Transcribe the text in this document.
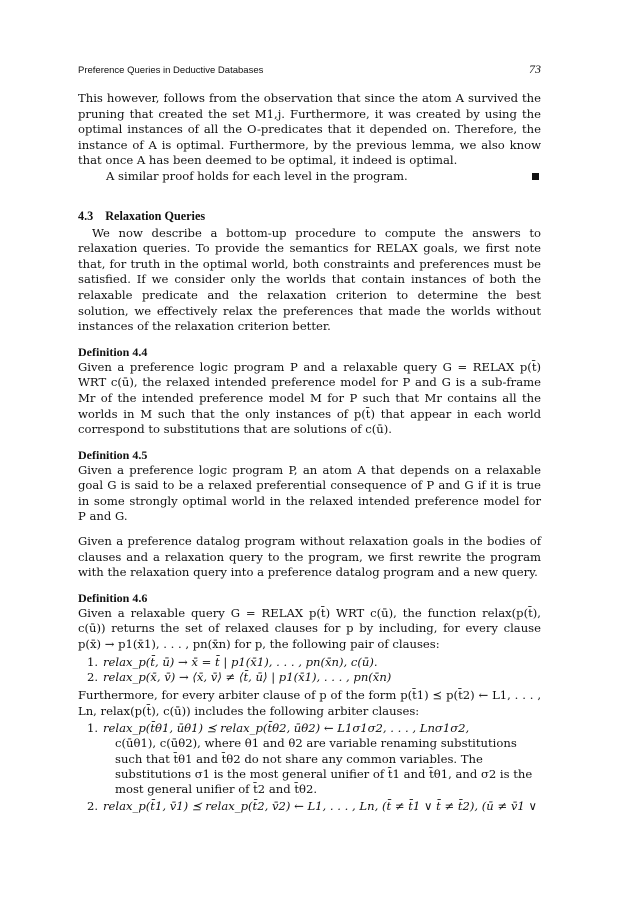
Preference Queries in Deductive Databases	73

This however, follows from the observation that since the atom A survived the pruning that created the set M1,j. Furthermore, it was created by using the optimal instances of all the O-predicates that it depended on. Therefore, the instance of A is optimal. Furthermore, by the previous lemma, we also know that once A has been deemed to be optimal, it indeed is optimal.

A similar proof holds for each level in the program.
4.3 Relaxation Queries

We now describe a bottom-up procedure to compute the answers to relaxation queries. To provide the semantics for RELAX goals, we first note that, for truth in the optimal world, both constraints and preferences must be satisfied. If we consider only the worlds that contain instances of both the relaxable predicate and the relaxation criterion to determine the best solution, we effectively relax the preferences that made the worlds without instances of the relaxation criterion better.

Definition 4.4

Given a preference logic program P and a relaxable query G = RELAX p(t̄) WRT c(ū), the relaxed intended preference model for P and G is a sub-frame Mr of the intended preference model M for P such that Mr contains all the worlds in M such that the only instances of p(t̄) that appear in each world correspond to substitutions that are solutions of c(ū).

Definition 4.5

Given a preference logic program P, an atom A that depends on a relaxable goal G is said to be a relaxed preferential consequence of P and G if it is true in some strongly optimal world in the relaxed intended preference model for P and G.

Given a preference datalog program without relaxation goals in the bodies of clauses and a relaxation query to the program, we first rewrite the program with the relaxation query into a preference datalog program and a new query.

Definition 4.6

Given a relaxable query G = RELAX p(t̄) WRT c(ū), the function relax(p(t̄), c(ū)) returns the set of relaxed clauses for p by including, for every clause p(x̄) → p1(x̄1), . . . , pn(x̄n) for p, the following pair of clauses:

1. relax_p(t̄, ū) → x̄ = t̄ | p1(x̄1), . . . , pn(x̄n), c(ū).
2. relax_p(x̄, v̄) → ⟨x̄, v̄⟩ ≠ ⟨t̄, ū⟩ | p1(x̄1), . . . , pn(x̄n)

Furthermore, for every arbiter clause of p of the form p(t̄1) ⪯ p(t̄2) ← L1, . . . , Ln, relax(p(t̄), c(ū)) includes the following arbiter clauses:

1. relax_p(t̄θ1, ūθ1) ⪯ relax_p(t̄θ2, ūθ2) ← L1σ1σ2, . . . , Lnσ1σ2,
c(ūθ1), c(ūθ2), where θ1 and θ2 are variable renaming substitutions such that t̄θ1 and t̄θ2 do not share any common variables. The substitutions σ1 is the most general unifier of t̄1 and t̄θ1, and σ2 is the most general unifier of t̄2 and t̄θ2.
2. relax_p(t̄1, v̄1) ⪯ relax_p(t̄2, v̄2) ← L1, . . . , Ln, (t̄ ≠ t̄1 ∨ t̄ ≠ t̄2), (ū ≠ v̄1 ∨
